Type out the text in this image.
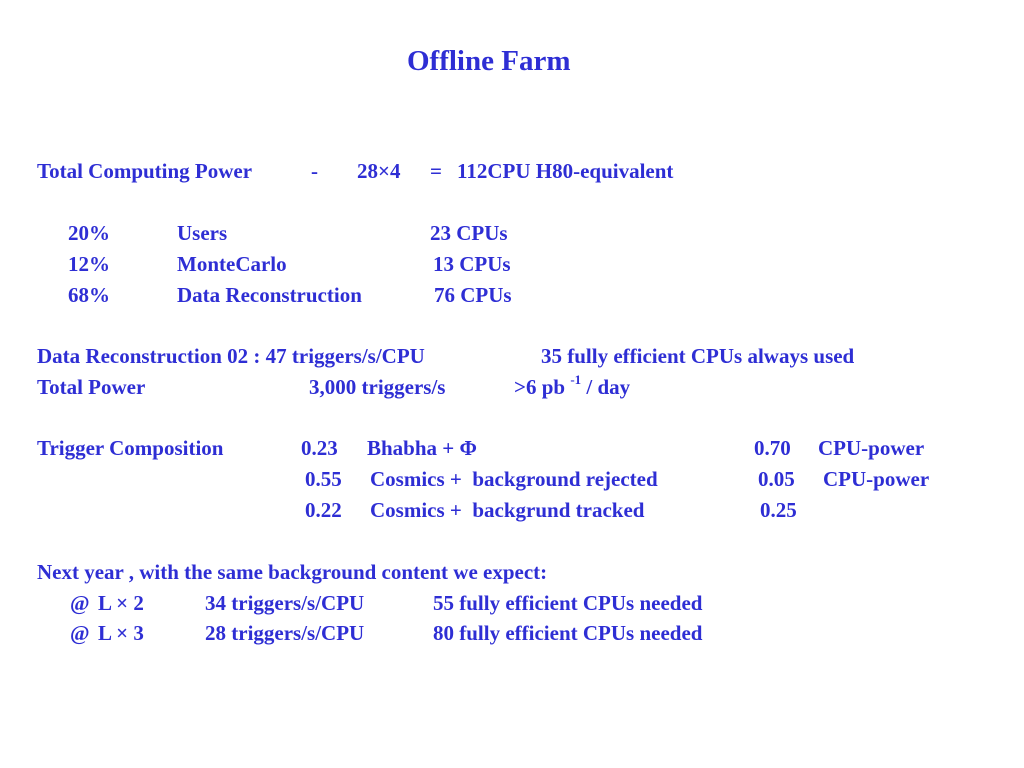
Offline Farm
Total Computing Power	- 28×4 = 112CPU H80-equivalent
20%	Users	23 CPUs
12%	MonteCarlo	13 CPUs
68%	Data Reconstruction	76 CPUs
Data Reconstruction 02 : 47 triggers/s/CPU	35 fully efficient CPUs always used
Total Power	3,000 triggers/s	>6 pb $^{-1}$ / day
Trigger Composition	0.23 Bhabha + Φ	0.70 CPU-power
0.55 Cosmics +  background rejected	0.05 CPU-power
0.22 Cosmics +  backgrund tracked	0.25
Next year , with the same background content we expect:
@ L × 2	34 triggers/s/CPU	55 fully efficient CPUs needed
@ L × 3	28 triggers/s/CPU	80 fully efficient CPUs needed
